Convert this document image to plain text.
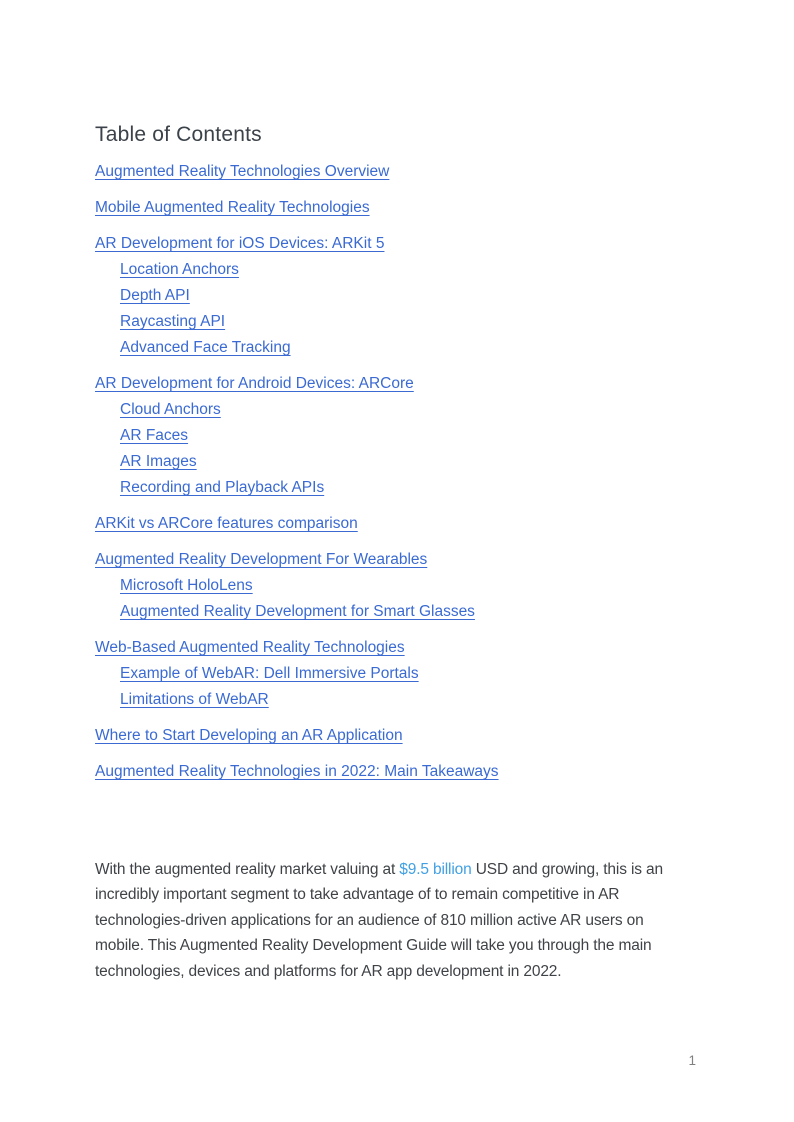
Table of Contents
Augmented Reality Technologies Overview
Mobile Augmented Reality Technologies
AR Development for iOS Devices: ARKit 5
Location Anchors
Depth API
Raycasting API
Advanced Face Tracking
AR Development for Android Devices: ARCore
Cloud Anchors
AR Faces
AR Images
Recording and Playback APIs
ARKit vs ARCore features comparison
Augmented Reality Development For Wearables
Microsoft HoloLens
Augmented Reality Development for Smart Glasses
Web-Based Augmented Reality Technologies
Example of WebAR: Dell Immersive Portals
Limitations of WebAR
Where to Start Developing an AR Application
Augmented Reality Technologies in 2022: Main Takeaways

With the augmented reality market valuing at $9.5 billion USD and growing, this is an incredibly important segment to take advantage of to remain competitive in AR technologies-driven applications for an audience of 810 million active AR users on mobile. This Augmented Reality Development Guide will take you through the main technologies, devices and platforms for AR app development in 2022.

1
